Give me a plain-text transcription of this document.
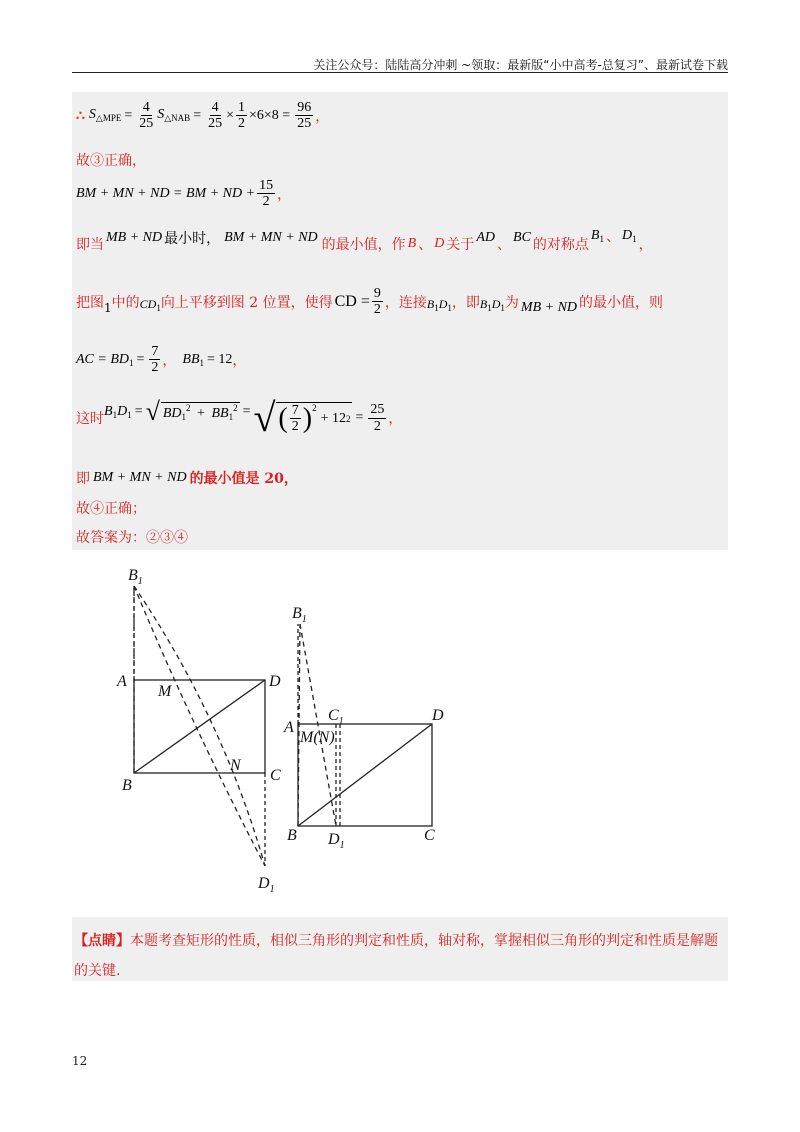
关注公众号：陆陆高分冲刺 ~领取：最新版“小中高考-总复习”、最新试卷下载
∴ $S_{\triangle MPE} = \frac{4}{25} S_{\triangle NAB} = \frac{4}{25} \times \frac{1}{2} \times 6\times 8 = \frac{96}{25}$ ，
故③正确，
BM + MN + ND = BM + ND + $\frac{15}{2}$ ，
即当 MB + ND 最小时， BM + MN + ND 的最小值，作 B 、 D 关于 AD 、 BC 的对称点
$B_1$ 、 $D_1$ ，
把图 1 中的 $CD_1$ 向上平移到图 2 位置，使得 CD = $\frac{9}{2}$ ，连接 $B_1D_1$ ，即 $B_1D_1$ 为 MB + ND 的最小值，则
AC = $BD_1 = \frac{7}{2}$ ， $BB_1 = 12$ ，
这时 $B_1D_1$ = √ $BD_1^2 + BB_1^2$ = √ ( $\frac{7}{2}$ ) 2
+ 12 $2 = \frac{25}{2}$ ，
即 BM + MN + ND 的最小值是 20，
故④正确；
故答案为：②③④
$B_1$
A
M
D
B
N
C
$D_1$
$B_1$
A
$C_1$	D
M(N)
B $D_1$
C
【点睛】本题考查矩形的性质，相似三角形的判定和性质，轴对称，掌握相似三角形的判定和性质是解题
的关键.
12
